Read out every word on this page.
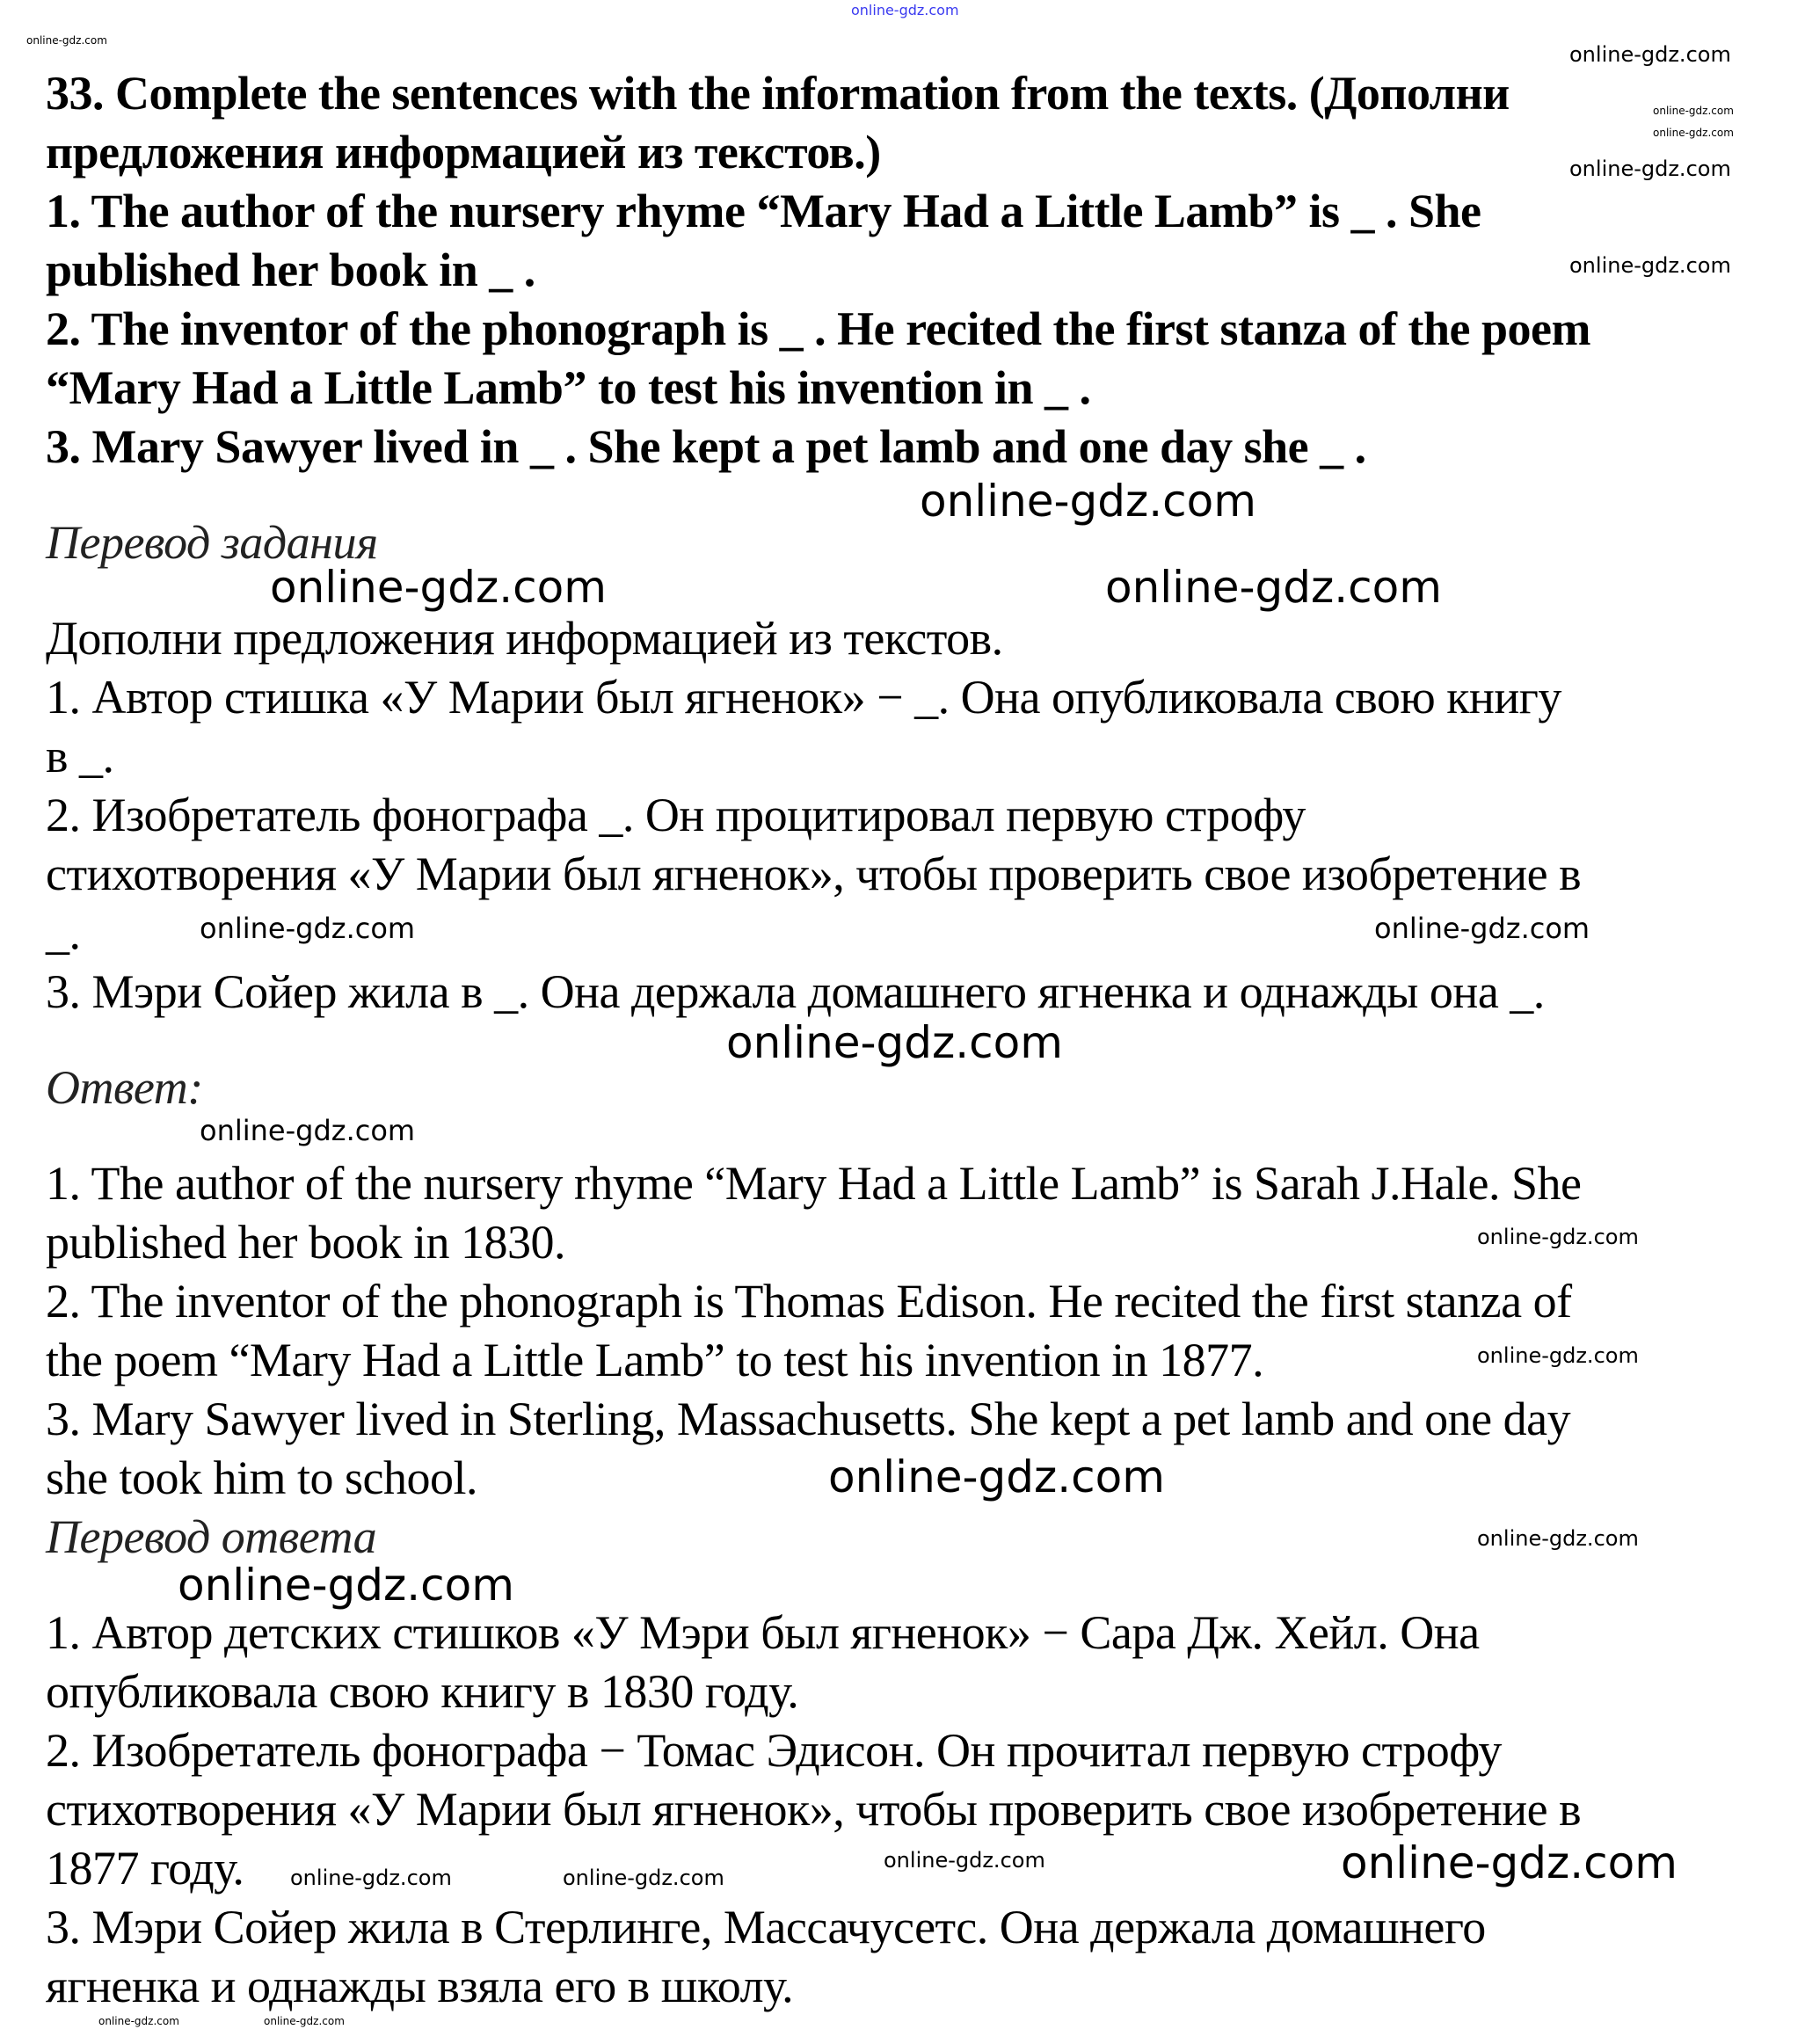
online-gdz.com
33. Complete the sentences with the information from the texts. (Дополни
предложения информацией из текстов.)
1. The author of the nursery rhyme “Mary Had a Little Lamb” is _ . She
published her book in _ .
2. The inventor of the phonograph is _ . He recited the first stanza of the poem
“Mary Had a Little Lamb” to test his invention in _ .
3. Mary Sawyer lived in _ . She kept a pet lamb and one day she _ .
Перевод задания
Дополни предложения информацией из текстов.
1. Автор стишка «У Марии был ягненок» − _. Она опубликовала свою книгу
в _.
2. Изобретатель фонографа _. Он процитировал первую строфу
стихотворения «У Марии был ягненок», чтобы проверить свое изобретение в
_.
3. Мэри Сойер жила в _. Она держала домашнего ягненка и однажды она _.
Ответ:
1. The author of the nursery rhyme “Mary Had a Little Lamb” is Sarah J.Hale. She
published her book in 1830.
2. The inventor of the phonograph is Thomas Edison. He recited the first stanza of
the poem “Mary Had a Little Lamb” to test his invention in 1877.
3. Mary Sawyer lived in Sterling, Massachusetts. She kept a pet lamb and one day
she took him to school.
Перевод ответа
1. Автор детских стишков «У Мэри был ягненок» − Сара Дж. Хейл. Она
опубликовала свою книгу в 1830 году.
2. Изобретатель фонографа − Томас Эдисон. Он прочитал первую строфу
стихотворения «У Марии был ягненок», чтобы проверить свое изобретение в
1877 году.
3. Мэри Сойер жила в Стерлинге, Массачусетс. Она держала домашнего
ягненка и однажды взяла его в школу.
online-gdz.com
online-gdz.com
online-gdz.com
online-gdz.com
online-gdz.com
online-gdz.com
online-gdz.com
online-gdz.com	online-gdz.com
online-gdz.com	online-gdz.com
online-gdz.com
online-gdz.com
online-gdz.com
online-gdz.com
online-gdz.com
online-gdz.com
online-gdz.com
online-gdz.com	online-gdz.com
online-gdz.com	online-gdz.com
online-gdz.com	online-gdz.com
